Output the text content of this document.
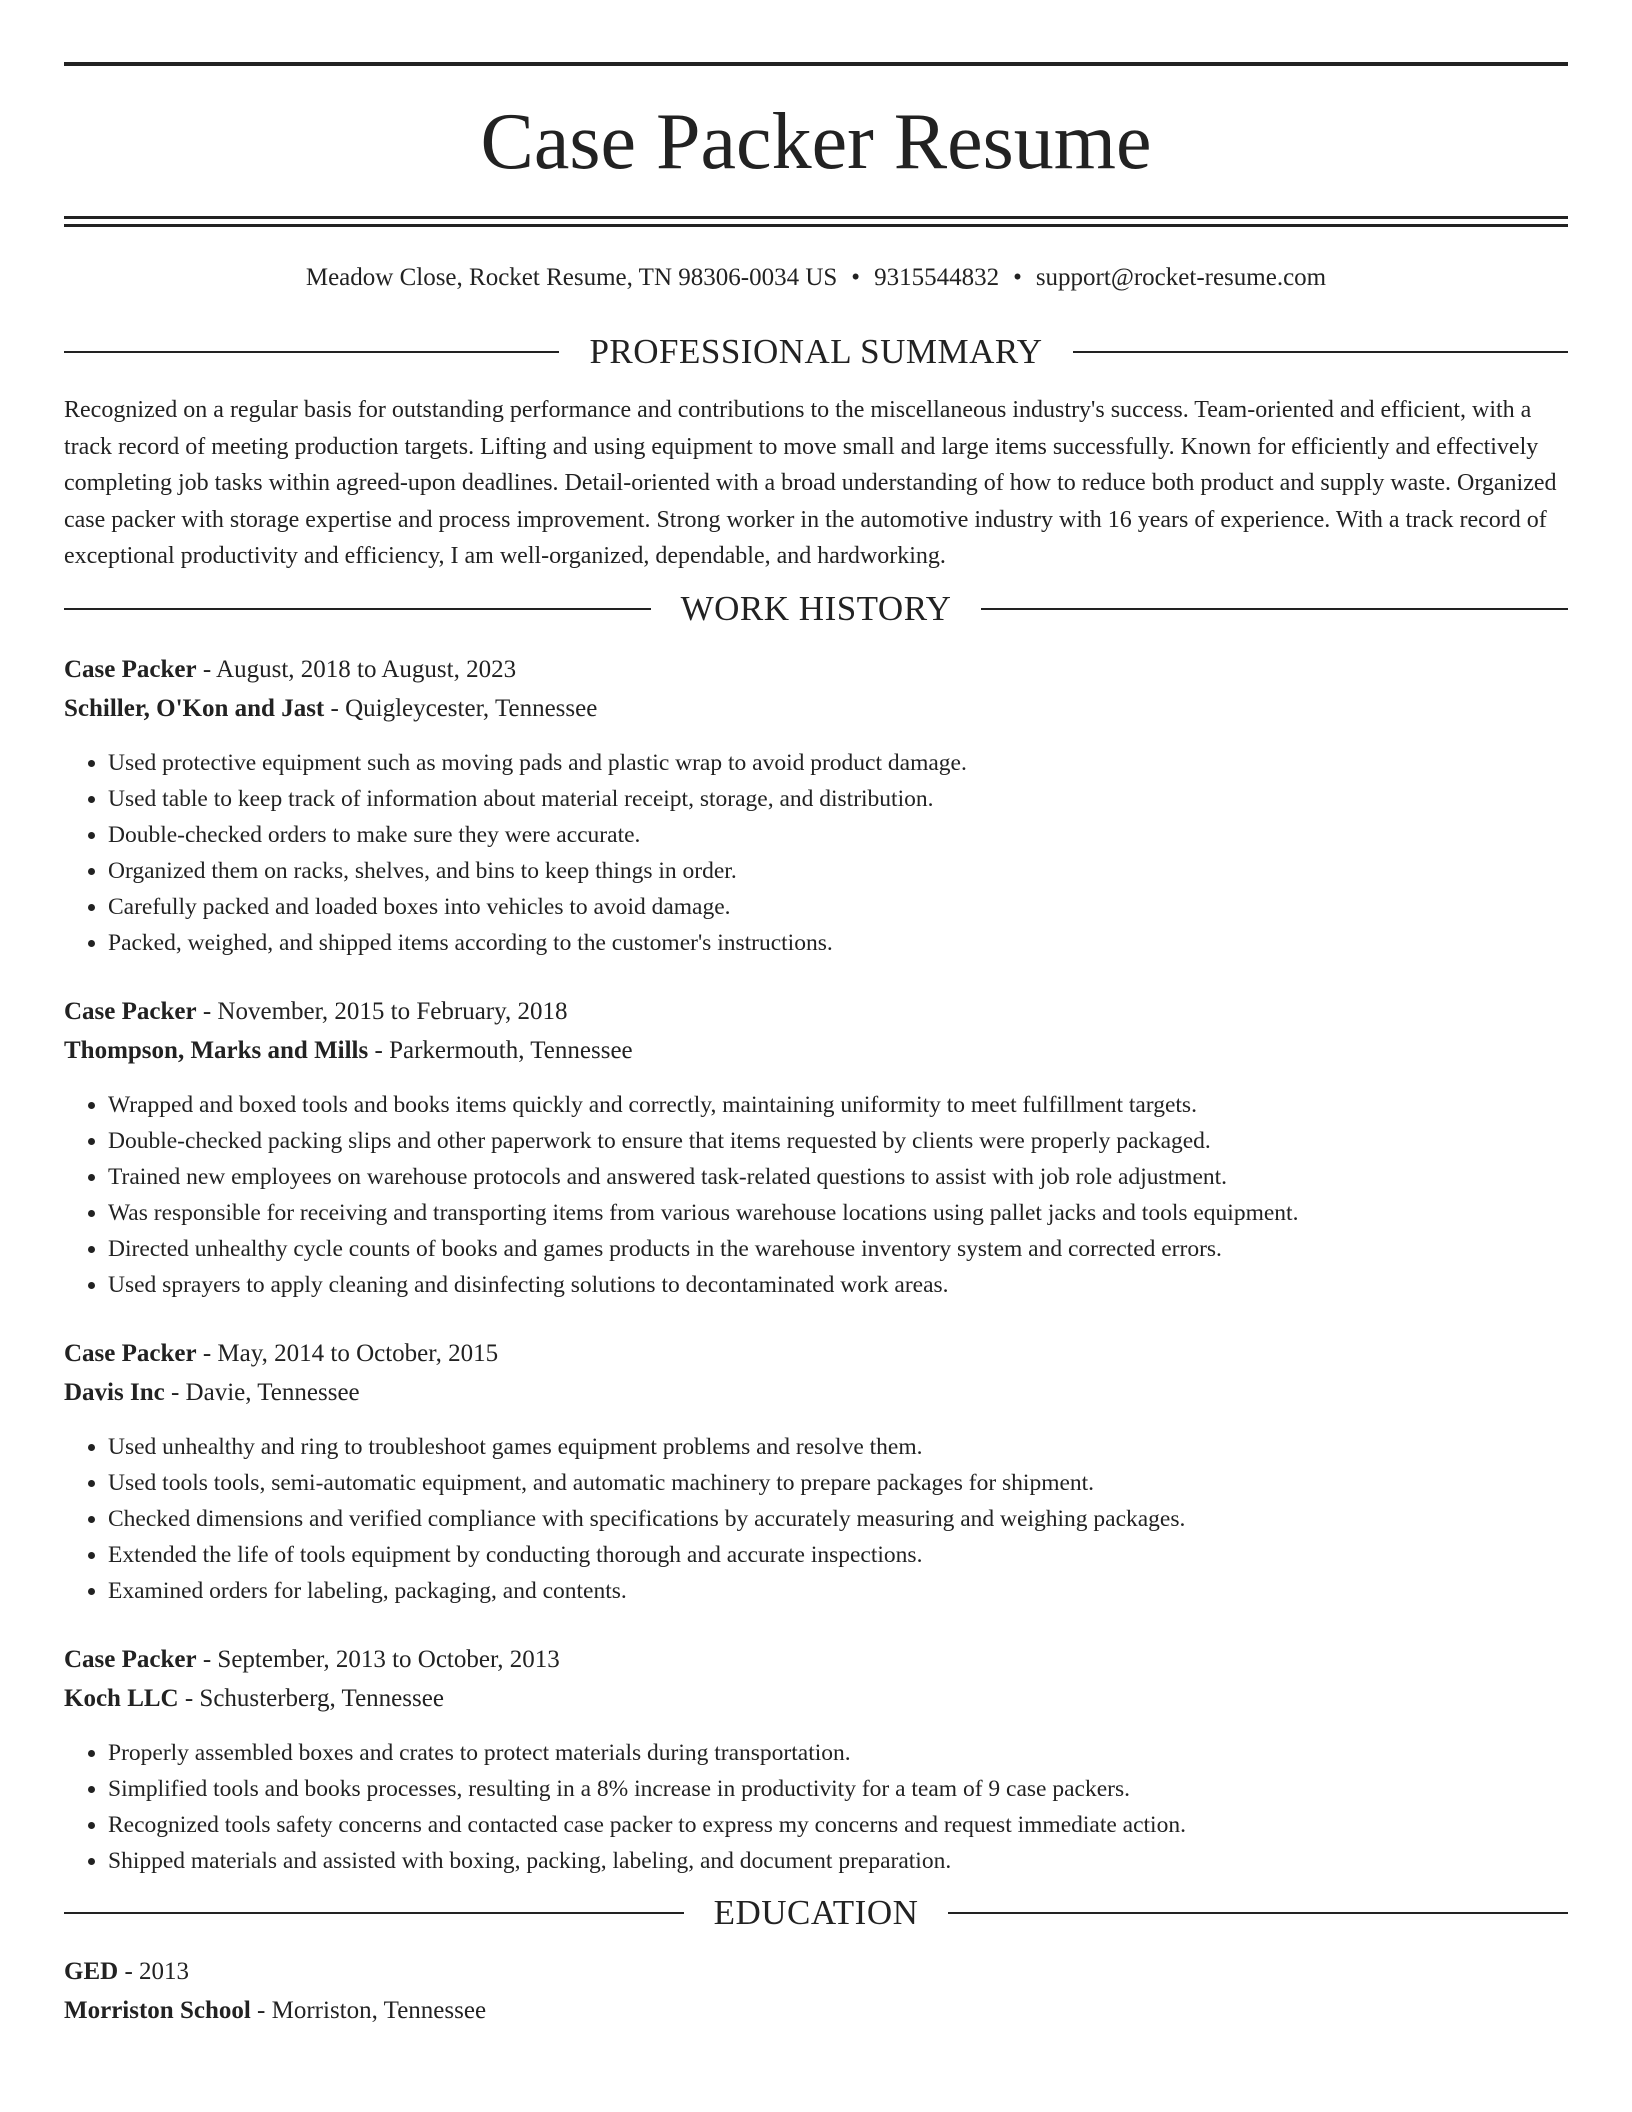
Case Packer Resume
Meadow Close, Rocket Resume, TN 98306-0034 US • 9315544832 • support@rocket-resume.com
PROFESSIONAL SUMMARY

Recognized on a regular basis for outstanding performance and contributions to the miscellaneous industry's success. Team-oriented and efficient, with a track record of meeting production targets. Lifting and using equipment to move small and large items successfully. Known for efficiently and effectively completing job tasks within agreed-upon deadlines. Detail-oriented with a broad understanding of how to reduce both product and supply waste. Organized case packer with storage expertise and process improvement. Strong worker in the automotive industry with 16 years of experience. With a track record of exceptional productivity and efficiency, I am well-organized, dependable, and hardworking.

WORK HISTORY
Case Packer - August, 2018 to August, 2023
Schiller, O'Kon and Jast - Quigleycester, Tennessee
• Used protective equipment such as moving pads and plastic wrap to avoid product damage.
• Used table to keep track of information about material receipt, storage, and distribution.
• Double-checked orders to make sure they were accurate.
• Organized them on racks, shelves, and bins to keep things in order.
• Carefully packed and loaded boxes into vehicles to avoid damage.
• Packed, weighed, and shipped items according to the customer's instructions.
Case Packer - November, 2015 to February, 2018
Thompson, Marks and Mills - Parkermouth, Tennessee
• Wrapped and boxed tools and books items quickly and correctly, maintaining uniformity to meet fulfillment targets.
• Double-checked packing slips and other paperwork to ensure that items requested by clients were properly packaged.
• Trained new employees on warehouse protocols and answered task-related questions to assist with job role adjustment.
• Was responsible for receiving and transporting items from various warehouse locations using pallet jacks and tools equipment.
• Directed unhealthy cycle counts of books and games products in the warehouse inventory system and corrected errors.
• Used sprayers to apply cleaning and disinfecting solutions to decontaminated work areas.
Case Packer - May, 2014 to October, 2015
Davis Inc - Davie, Tennessee
• Used unhealthy and ring to troubleshoot games equipment problems and resolve them.
• Used tools tools, semi-automatic equipment, and automatic machinery to prepare packages for shipment.
• Checked dimensions and verified compliance with specifications by accurately measuring and weighing packages.
• Extended the life of tools equipment by conducting thorough and accurate inspections.
• Examined orders for labeling, packaging, and contents.
Case Packer - September, 2013 to October, 2013
Koch LLC - Schusterberg, Tennessee
• Properly assembled boxes and crates to protect materials during transportation.
• Simplified tools and books processes, resulting in a 8% increase in productivity for a team of 9 case packers.
• Recognized tools safety concerns and contacted case packer to express my concerns and request immediate action.
• Shipped materials and assisted with boxing, packing, labeling, and document preparation.
EDUCATION
GED - 2013
Morriston School - Morriston, Tennessee
